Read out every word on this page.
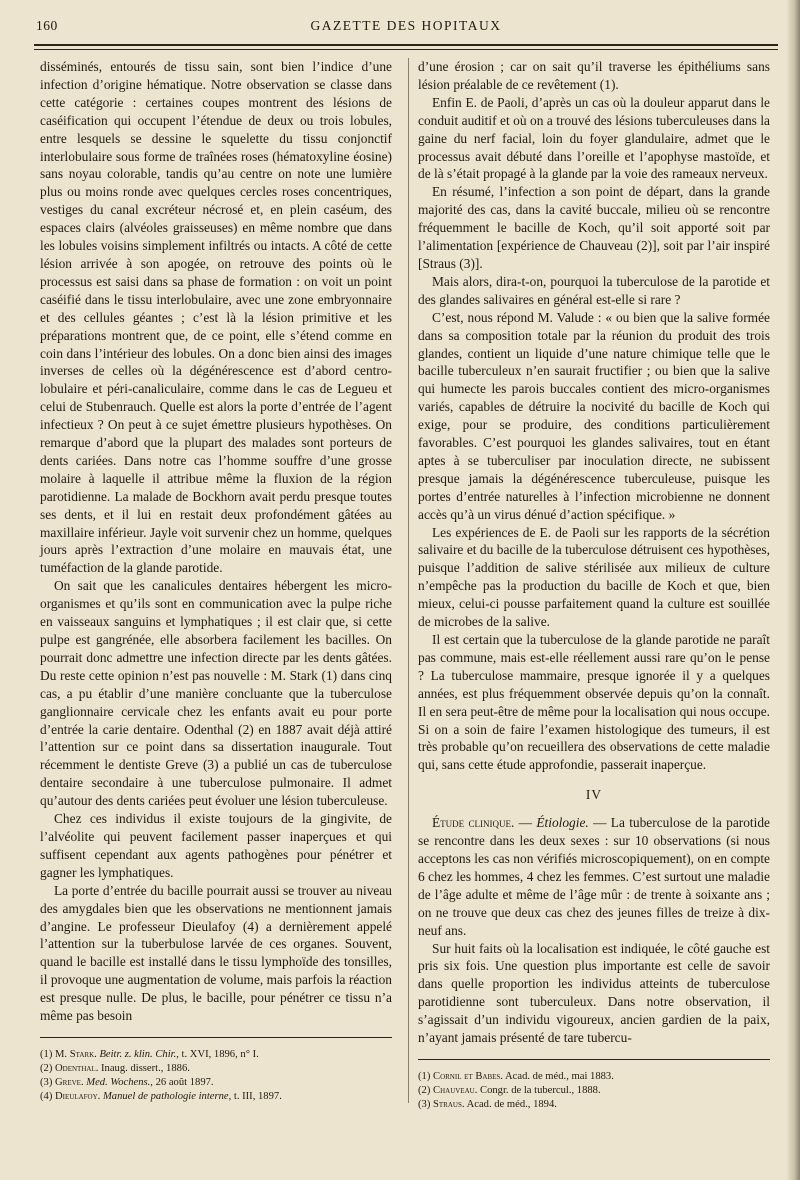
160	GAZETTE DES HOPITAUX

disséminés, entourés de tissu sain, sont bien l’indice d’une infection d’origine hématique. Notre observation se classe dans cette catégorie : certaines coupes montrent des lésions de caséification qui occupent l’étendue de deux ou trois lobules, entre lesquels se dessine le squelette du tissu conjonctif interlobulaire sous forme de traînées roses (hématoxyline éosine) sans noyau colorable, tandis qu’au centre on note une lumière plus ou moins ronde avec quelques cercles roses concentriques, vestiges du canal excréteur nécrosé et, en plein caséum, des espaces clairs (alvéoles graisseuses) en même nombre que dans les lobules voisins simplement infiltrés ou intacts. A côté de cette lésion arrivée à son apogée, on retrouve des points où le processus est saisi dans sa phase de formation : on voit un point caséifié dans le tissu interlobulaire, avec une zone embryonnaire et des cellules géantes ; c’est là la lésion primitive et les préparations montrent que, de ce point, elle s’étend comme en coin dans l’intérieur des lobules. On a donc bien ainsi des images inverses de celles où la dégénérescence est d’abord centro-lobulaire et péri-canaliculaire, comme dans le cas de Legueu et celui de Stubenrauch. Quelle est alors la porte d’entrée de l’agent infectieux ? On peut à ce sujet émettre plusieurs hypothèses. On remarque d’abord que la plupart des malades sont porteurs de dents cariées. Dans notre cas l’homme souffre d’une grosse molaire à laquelle il attribue même la fluxion de la région parotidienne. La malade de Bockhorn avait perdu presque toutes ses dents, et il lui en restait deux profondément gâtées au maxillaire inférieur. Jayle voit survenir chez un homme, quelques jours après l’extraction d’une molaire en mauvais état, une tuméfaction de la glande parotide.

On sait que les canalicules dentaires hébergent les micro-organismes et qu’ils sont en communication avec la pulpe riche en vaisseaux sanguins et lymphatiques ; il est clair que, si cette pulpe est gangrénée, elle absorbera facilement les bacilles. On pourrait donc admettre une infection directe par les dents gâtées. Du reste cette opinion n’est pas nouvelle : M. Stark (1) dans cinq cas, a pu établir d’une manière concluante que la tuberculose ganglionnaire cervicale chez les enfants avait eu pour porte d’entrée la carie dentaire. Odenthal (2) en 1887 avait déjà attiré l’attention sur ce point dans sa dissertation inaugurale. Tout récemment le dentiste Greve (3) a publié un cas de tuberculose dentaire secondaire à une tuberculose pulmonaire. Il admet qu’autour des dents cariées peut évoluer une lésion tuberculeuse.

Chez ces individus il existe toujours de la gingivite, de l’alvéolite qui peuvent facilement passer inaperçues et qui suffisent cependant aux agents pathogènes pour pénétrer et gagner les lymphatiques.

La porte d’entrée du bacille pourrait aussi se trouver au niveau des amygdales bien que les observations ne mentionnent jamais d’angine. Le professeur Dieulafoy (4) a dernièrement appelé l’attention sur la tuberbulose larvée de ces organes. Souvent, quand le bacille est installé dans le tissu lymphoïde des tonsilles, il provoque une augmentation de volume, mais parfois la réaction est presque nulle. De plus, le bacille, pour pénétrer ce tissu n’a même pas besoin

(1) M. Stark. Beitr. z. klin. Chir., t. XVI, 1896, n° I.

(2) Odenthal. Inaug. dissert., 1886.

(3) Greve. Med. Wochens., 26 août 1897.

(4) Dieulafoy. Manuel de pathologie interne, t. III, 1897.

d’une érosion ; car on sait qu’il traverse les épithéliums sans lésion préalable de ce revêtement (1).

Enfin E. de Paoli, d’après un cas où la douleur apparut dans le conduit auditif et où on a trouvé des lésions tuberculeuses dans la gaine du nerf facial, loin du foyer glandulaire, admet que le processus avait débuté dans l’oreille et l’apophyse mastoïde, et de là s’était propagé à la glande par la voie des rameaux nerveux.

En résumé, l’infection a son point de départ, dans la grande majorité des cas, dans la cavité buccale, milieu où se rencontre fréquemment le bacille de Koch, qu’il soit apporté soit par l’alimentation [expérience de Chauveau (2)], soit par l’air inspiré [Straus (3)].

Mais alors, dira-t-on, pourquoi la tuberculose de la parotide et des glandes salivaires en général est-elle si rare ?

C’est, nous répond M. Valude : « ou bien que la salive formée dans sa composition totale par la réunion du produit des trois glandes, contient un liquide d’une nature chimique telle que le bacille tuberculeux n’en saurait fructifier ; ou bien que la salive qui humecte les parois buccales contient des micro-organismes variés, capables de détruire la nocivité du bacille de Koch qui exige, pour se produire, des conditions particulièrement favorables. C’est pourquoi les glandes salivaires, tout en étant aptes à se tuberculiser par inoculation directe, ne subissent presque jamais la dégénérescence tuberculeuse, puisque les portes d’entrée naturelles à l’infection microbienne ne donnent accès qu’à un virus dénué d’action spécifique. »

Les expériences de E. de Paoli sur les rapports de la sécrétion salivaire et du bacille de la tuberculose détruisent ces hypothèses, puisque l’addition de salive stérilisée aux milieux de culture n’empêche pas la production du bacille de Koch et que, bien mieux, celui-ci pousse parfaitement quand la culture est souillée de microbes de la salive.

Il est certain que la tuberculose de la glande parotide ne paraît pas commune, mais est-elle réellement aussi rare qu’on le pense ? La tuberculose mammaire, presque ignorée il y a quelques années, est plus fréquemment observée depuis qu’on la connaît. Il en sera peut-être de même pour la localisation qui nous occupe. Si on a soin de faire l’examen histologique des tumeurs, il est très probable qu’on recueillera des observations de cette maladie qui, sans cette étude approfondie, passerait inaperçue.

IV

Étude clinique. — Étiologie. — La tuberculose de la parotide se rencontre dans les deux sexes : sur 10 observations (si nous acceptons les cas non vérifiés microscopiquement), on en compte 6 chez les hommes, 4 chez les femmes. C’est surtout une maladie de l’âge adulte et même de l’âge mûr : de trente à soixante ans ; on ne trouve que deux cas chez des jeunes filles de treize à dix-neuf ans.

Sur huit faits où la localisation est indiquée, le côté gauche est pris six fois. Une question plus importante est celle de savoir dans quelle proportion les individus atteints de tuberculose parotidienne sont tuberculeux. Dans notre observation, il s’agissait d’un individu vigoureux, ancien gardien de la paix, n’ayant jamais présenté de tare tubercu-

(1) Cornil et Babes. Acad. de méd., mai 1883.

(2) Chauveau. Congr. de la tubercul., 1888.

(3) Straus. Acad. de méd., 1894.
